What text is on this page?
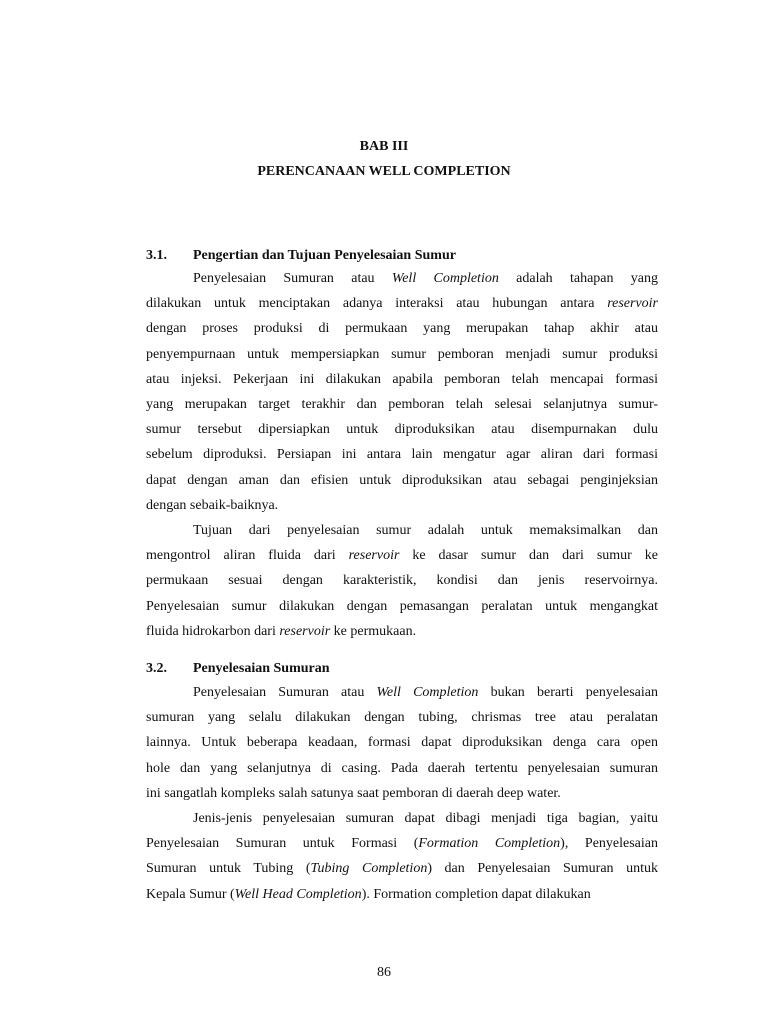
BAB III
PERENCANAAN WELL COMPLETION
3.1. Pengertian dan Tujuan Penyelesaian Sumur
Penyelesaian Sumuran atau Well Completion adalah tahapan yang
dilakukan untuk menciptakan adanya interaksi atau hubungan antara reservoir
dengan proses produksi di permukaan yang merupakan tahap akhir atau
penyempurnaan untuk mempersiapkan sumur pemboran menjadi sumur produksi
atau injeksi. Pekerjaan ini dilakukan apabila pemboran telah mencapai formasi
yang merupakan target terakhir dan pemboran telah selesai selanjutnya sumur-
sumur tersebut dipersiapkan untuk diproduksikan atau disempurnakan dulu
sebelum diproduksi. Persiapan ini antara lain mengatur agar aliran dari formasi
dapat dengan aman dan efisien untuk diproduksikan atau sebagai penginjeksian
dengan sebaik-baiknya.
Tujuan dari penyelesaian sumur adalah untuk memaksimalkan dan
mengontrol aliran fluida dari reservoir ke dasar sumur dan dari sumur ke
permukaan sesuai dengan karakteristik, kondisi dan jenis reservoirnya.
Penyelesaian sumur dilakukan dengan pemasangan peralatan untuk mengangkat
fluida hidrokarbon dari reservoir ke permukaan.
3.2. Penyelesaian Sumuran
Penyelesaian Sumuran atau Well Completion bukan berarti penyelesaian
sumuran yang selalu dilakukan dengan tubing, chrismas tree atau peralatan
lainnya. Untuk beberapa keadaan, formasi dapat diproduksikan denga cara open
hole dan yang selanjutnya di casing. Pada daerah tertentu penyelesaian sumuran
ini sangatlah kompleks salah satunya saat pemboran di daerah deep water.
Jenis-jenis penyelesaian sumuran dapat dibagi menjadi tiga bagian, yaitu
Penyelesaian Sumuran untuk Formasi (Formation Completion), Penyelesaian
Sumuran untuk Tubing (Tubing Completion) dan Penyelesaian Sumuran untuk
Kepala Sumur (Well Head Completion). Formation completion dapat dilakukan
86
